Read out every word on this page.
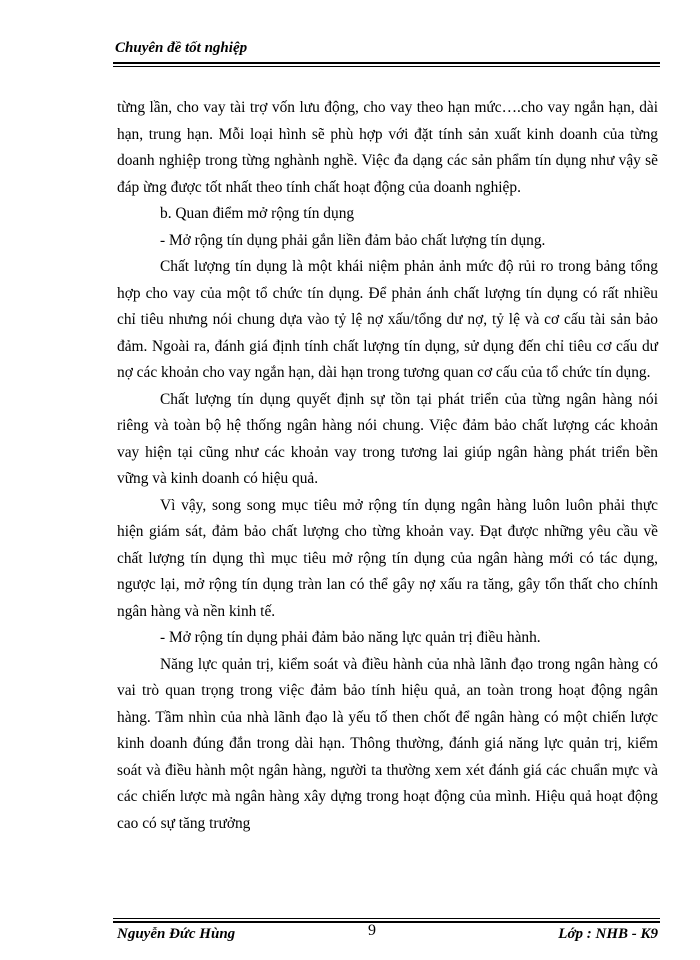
Chuyên đề tốt nghiệp

từng lần, cho vay tài trợ vốn lưu động, cho vay theo hạn mức….cho vay ngắn hạn, dài hạn, trung hạn. Mỗi loại hình sẽ phù hợp với đặt tính sản xuất kinh doanh của từng doanh nghiệp trong từng nghành nghề. Việc đa dạng các sản phẩm tín dụng như vậy sẽ đáp ừng được tốt nhất theo tính chất hoạt động của doanh nghiệp.

b. Quan điểm mở rộng tín dụng

- Mở rộng tín dụng phải gắn liền đảm bảo chất lượng tín dụng.

Chất lượng tín dụng là một khái niệm phản ảnh mức độ rủi ro trong bảng tổng hợp cho vay của một tổ chức tín dụng. Để phản ánh chất lượng tín dụng có rất nhiều chỉ tiêu nhưng nói chung dựa vào tỷ lệ nợ xấu/tổng dư nợ, tỷ lệ và cơ cấu tài sản bảo đảm. Ngoài ra, đánh giá định tính chất lượng tín dụng, sử dụng đến chỉ tiêu cơ cấu dư nợ các khoản cho vay ngắn hạn, dài hạn trong tương quan cơ cấu của tổ chức tín dụng.

Chất lượng tín dụng quyết định sự tồn tại phát triển của từng ngân hàng nói riêng và toàn bộ hệ thống ngân hàng nói chung. Việc đảm bảo chất lượng các khoản vay hiện tại cũng như các khoản vay trong tương lai giúp ngân hàng phát triển bền vững và kinh doanh có hiệu quả.

Vì vậy, song song mục tiêu mở rộng tín dụng ngân hàng luôn luôn phải thực hiện giám sát, đảm bảo chất lượng cho từng khoản vay. Đạt được những yêu cầu về chất lượng tín dụng thì mục tiêu mở rộng tín dụng của ngân hàng mới có tác dụng, ngược lại, mở rộng tín dụng tràn lan có thể gây nợ xấu ra tăng, gây tổn thất cho chính ngân hàng và nền kinh tế.

- Mở rộng tín dụng phải đảm bảo năng lực quản trị điều hành.

Năng lực quản trị, kiểm soát và điều hành của nhà lãnh đạo trong ngân hàng có vai trò quan trọng trong việc đảm bảo tính hiệu quả, an toàn trong hoạt động ngân hàng. Tầm nhìn của nhà lãnh đạo là yếu tố then chốt để ngân hàng có một chiến lược kinh doanh đúng đắn trong dài hạn. Thông thường, đánh giá năng lực quản trị, kiểm soát và điều hành một ngân hàng, người ta thường xem xét đánh giá các chuẩn mực và các chiến lược mà ngân hàng xây dựng trong hoạt động của mình. Hiệu quả hoạt động cao có sự tăng trưởng

Nguyễn Đức Hùng	9	Lớp : NHB - K9
